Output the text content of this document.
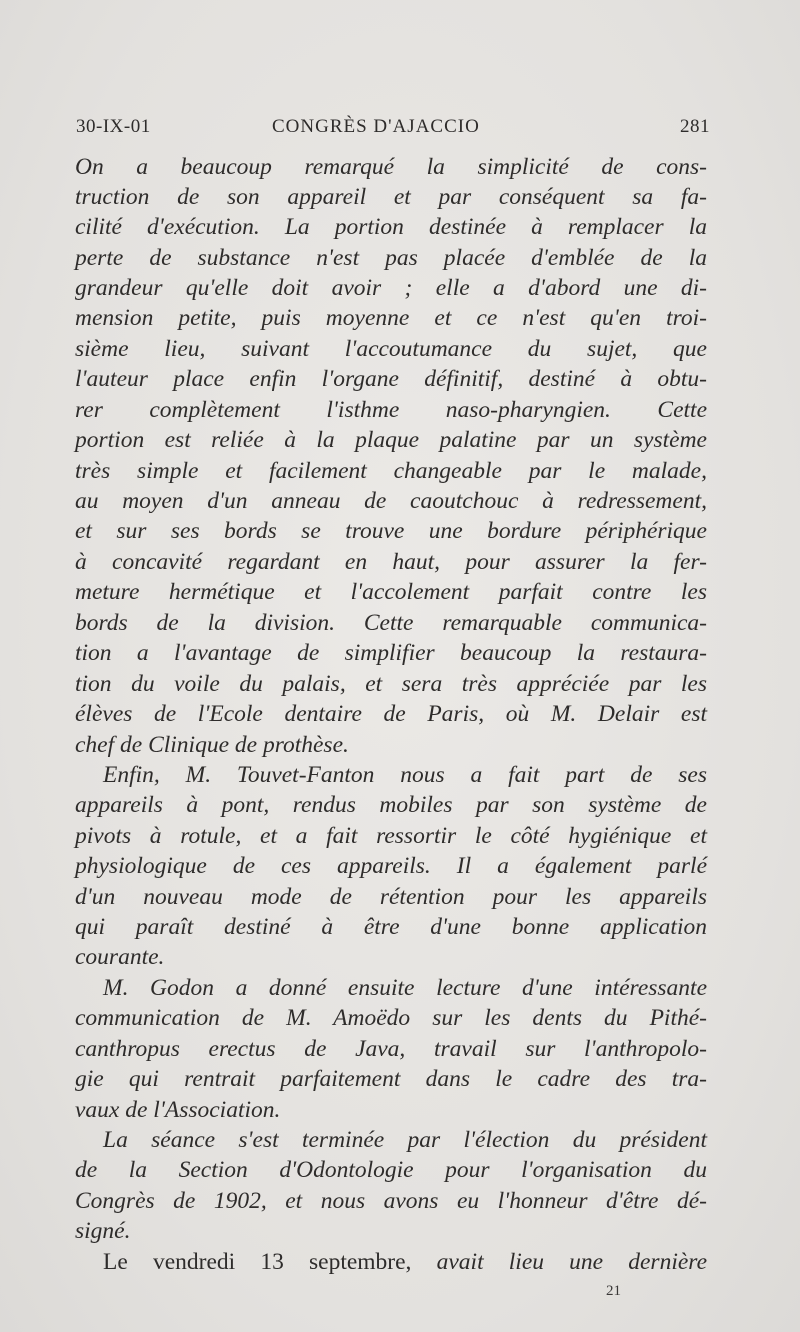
30-IX-01	CONGRÈS D'AJACCIO	281
On a beaucoup remarqué la simplicité de cons-
truction de son appareil et par conséquent sa fa-
cilité d'exécution. La portion destinée à remplacer la
perte de substance n'est pas placée d'emblée de la
grandeur qu'elle doit avoir ; elle a d'abord une di-
mension petite, puis moyenne et ce n'est qu'en troi-
sième lieu, suivant l'accoutumance du sujet, que
l'auteur place enfin l'organe définitif, destiné à obtu-
rer complètement l'isthme naso-pharyngien. Cette
portion est reliée à la plaque palatine par un système
très simple et facilement changeable par le malade,
au moyen d'un anneau de caoutchouc à redressement,
et sur ses bords se trouve une bordure périphérique
à concavité regardant en haut, pour assurer la fer-
meture hermétique et l'accolement parfait contre les
bords de la division. Cette remarquable communica-
tion a l'avantage de simplifier beaucoup la restaura-
tion du voile du palais, et sera très appréciée par les
élèves de l'Ecole dentaire de Paris, où M. Delair est
chef de Clinique de prothèse.
Enfin, M. Touvet-Fanton nous a fait part de ses
appareils à pont, rendus mobiles par son système de
pivots à rotule, et a fait ressortir le côté hygiénique et
physiologique de ces appareils. Il a également parlé
d'un nouveau mode de rétention pour les appareils
qui paraît destiné à être d'une bonne application
courante.
M. Godon a donné ensuite lecture d'une intéressante
communication de M. Amoëdo sur les dents du Pithé-
canthropus erectus de Java, travail sur l'anthropolo-
gie qui rentrait parfaitement dans le cadre des tra-
vaux de l'Association.
La séance s'est terminée par l'élection du président
de la Section d'Odontologie pour l'organisation du
Congrès de 1902, et nous avons eu l'honneur d'être dé-
signé.
Le vendredi 13 septembre, avait lieu une dernière
21
